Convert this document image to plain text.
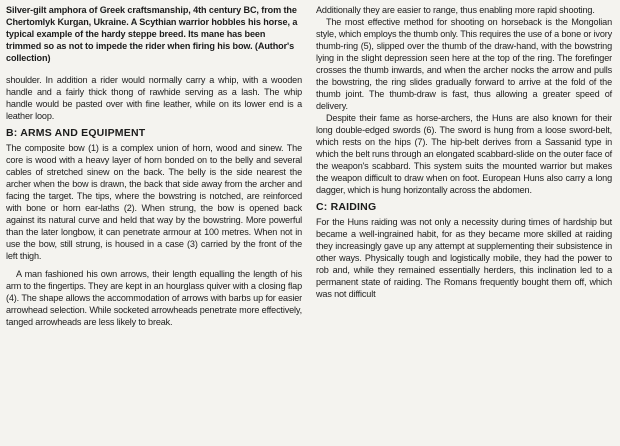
Silver-gilt amphora of Greek craftsmanship, 4th century BC, from the Chertomlyk Kurgan, Ukraine. A Scythian warrior hobbles his horse, a typical example of the hardy steppe breed. Its mane has been trimmed so as not to impede the rider when firing his bow. (Author's collection)

shoulder. In addition a rider would normally carry a whip, with a wooden handle and a fairly thick thong of rawhide serving as a lash. The whip handle would be pasted over with fine leather, while on its lower end is a leather loop.

B: ARMS AND EQUIPMENT

The composite bow (1) is a complex union of horn, wood and sinew. The core is wood with a heavy layer of horn bonded on to the belly and several cables of stretched sinew on the back. The belly is the side nearest the archer when the bow is drawn, the back that side away from the archer and facing the target. The tips, where the bowstring is notched, are reinforced with bone or horn ear-laths (2). When strung, the bow is opened back against its natural curve and held that way by the bowstring. More powerful than the later longbow, it can penetrate armour at 100 metres. When not in use the bow, still strung, is housed in a case (3) carried by the front of the left thigh.

A man fashioned his own arrows, their length equalling the length of his arm to the fingertips. They are kept in an hourglass quiver with a closing flap (4). The shape allows the accommodation of arrows with barbs up for easier arrowhead selection. While socketed arrowheads penetrate more effectively, tanged arrowheads are less likely to break.

Additionally they are easier to range, thus enabling more rapid shooting.

The most effective method for shooting on horseback is the Mongolian style, which employs the thumb only. This requires the use of a bone or ivory thumb-ring (5), slipped over the thumb of the draw-hand, with the bowstring lying in the slight depression seen here at the top of the ring. The forefinger crosses the thumb inwards, and when the archer nocks the arrow and pulls the bowstring, the ring slides gradually forward to arrive at the fold of the thumb joint. The thumb-draw is fast, thus allowing a greater speed of delivery.

Despite their fame as horse-archers, the Huns are also known for their long double-edged swords (6). The sword is hung from a loose sword-belt, which rests on the hips (7). The hip-belt derives from a Sassanid type in which the belt runs through an elongated scabbard-slide on the outer face of the weapon's scabbard. This system suits the mounted warrior but makes the weapon difficult to draw when on foot. European Huns also carry a long dagger, which is hung horizontally across the abdomen.

C: RAIDING

For the Huns raiding was not only a necessity during times of hardship but became a well-ingrained habit, for as they became more skilled at raiding they increasingly gave up any attempt at supplementing their subsistence in other ways. Physically tough and logistically mobile, they had the power to rob and, while they remained essentially herders, this inclination led to a permanent state of raiding. The Romans frequently bought them off, which was not difficult
